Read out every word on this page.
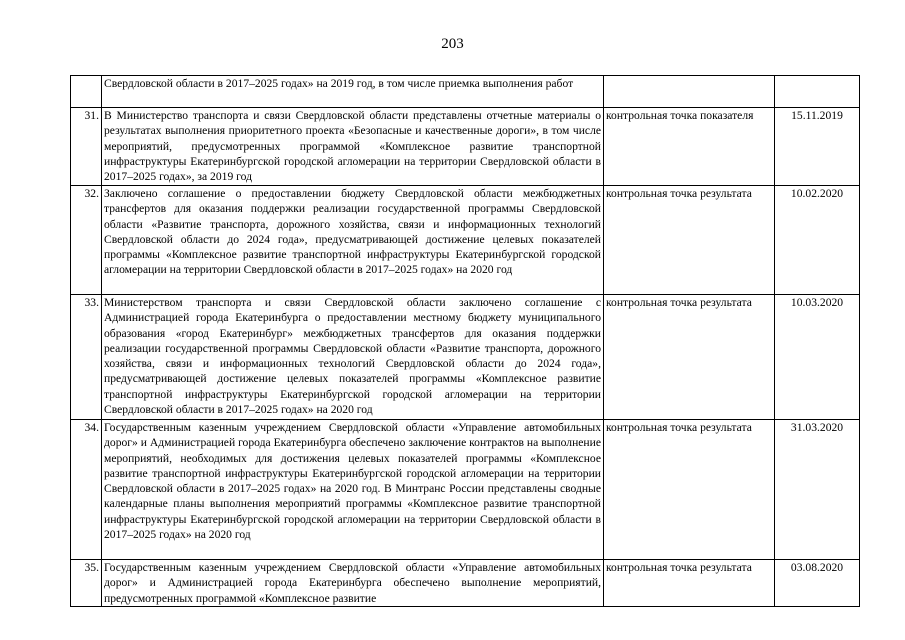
203
	Свердловской области в 2017–2025 годах» на 2019 год, в том числе приемка выполнения работ		
31.	В Министерство транспорта и связи Свердловской области представлены отчетные материалы о результатах выполнения приоритетного проекта «Безопасные и качественные дороги», в том числе мероприятий, предусмотренных программой «Комплексное развитие транспортной инфраструктуры Екатеринбургской городской агломерации на территории Свердловской области в 2017–2025 годах», за 2019 год	контрольная точка показателя	15.11.2019
32.	Заключено соглашение о предоставлении бюджету Свердловской области межбюджетных трансфертов для оказания поддержки реализации государственной программы Свердловской области «Развитие транспорта, дорожного хозяйства, связи и информационных технологий Свердловской области до 2024 года», предусматривающей достижение целевых показателей программы «Комплексное развитие транспортной инфраструктуры Екатеринбургской городской агломерации на территории Свердловской области в 2017–2025 годах» на 2020 год	контрольная точка результата	10.02.2020
33.	Министерством транспорта и связи Свердловской области заключено соглашение с Администрацией города Екатеринбурга о предоставлении местному бюджету муниципального образования «город Екатеринбург» межбюджетных трансфертов для оказания поддержки реализации государственной программы Свердловской области «Развитие транспорта, дорожного хозяйства, связи и информационных технологий Свердловской области до 2024 года», предусматривающей достижение целевых показателей программы «Комплексное развитие транспортной инфраструктуры Екатеринбургской городской агломерации на территории Свердловской области в 2017–2025 годах» на 2020 год	контрольная точка результата	10.03.2020
34.	Государственным казенным учреждением Свердловской области «Управление автомобильных дорог» и Администрацией города Екатеринбурга обеспечено заключение контрактов на выполнение мероприятий, необходимых для достижения целевых показателей программы «Комплексное развитие транспортной инфраструктуры Екатеринбургской городской агломерации на территории Свердловской области в 2017–2025 годах» на 2020 год. В Минтранс России представлены сводные календарные планы выполнения мероприятий программы «Комплексное развитие транспортной инфраструктуры Екатеринбургской городской агломерации на территории Свердловской области в 2017–2025 годах» на 2020 год	контрольная точка результата	31.03.2020
35.	Государственным казенным учреждением Свердловской области «Управление автомобильных дорог» и Администрацией города Екатеринбурга обеспечено выполнение мероприятий, предусмотренных программой «Комплексное развитие	контрольная точка результата	03.08.2020
